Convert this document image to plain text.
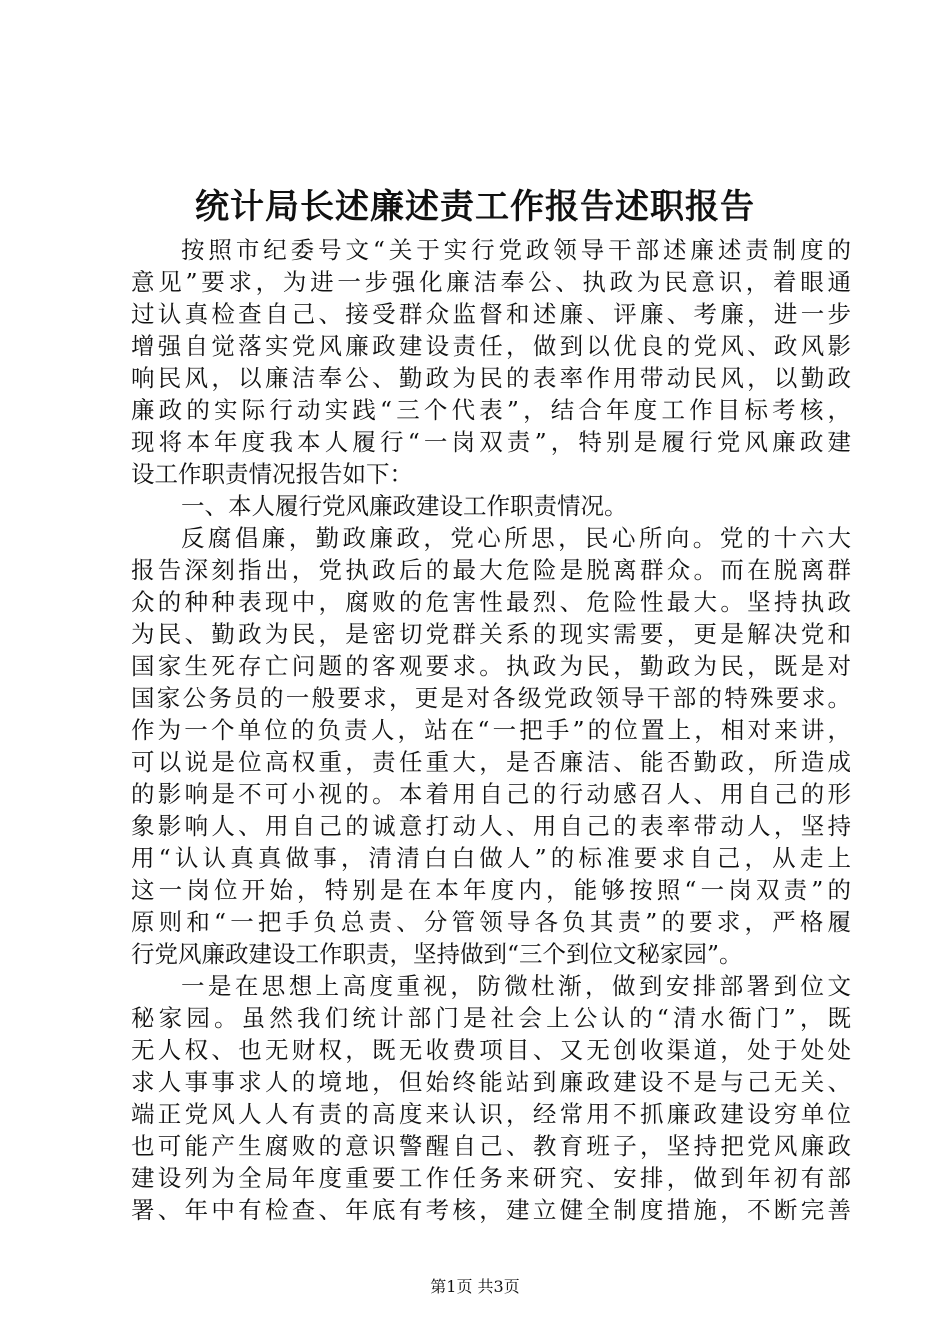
统计局长述廉述责工作报告述职报告
按照市纪委号文“关于实行党政领导干部述廉述责制度的
意见”要求，为进一步强化廉洁奉公、执政为民意识，着眼通
过认真检查自己、接受群众监督和述廉、评廉、考廉，进一步
增强自觉落实党风廉政建设责任，做到以优良的党风、政风影
响民风，以廉洁奉公、勤政为民的表率作用带动民风，以勤政
廉政的实际行动实践“三个代表”，结合年度工作目标考核，
现将本年度我本人履行“一岗双责”，特别是履行党风廉政建
设工作职责情况报告如下：
一、本人履行党风廉政建设工作职责情况。
反腐倡廉，勤政廉政，党心所思，民心所向。党的十六大
报告深刻指出，党执政后的最大危险是脱离群众。而在脱离群
众的种种表现中，腐败的危害性最烈、危险性最大。坚持执政
为民、勤政为民，是密切党群关系的现实需要，更是解决党和
国家生死存亡问题的客观要求。执政为民，勤政为民，既是对
国家公务员的一般要求，更是对各级党政领导干部的特殊要求。
作为一个单位的负责人，站在“一把手”的位置上，相对来讲，
可以说是位高权重，责任重大，是否廉洁、能否勤政，所造成
的影响是不可小视的。本着用自己的行动感召人、用自己的形
象影响人、用自己的诚意打动人、用自己的表率带动人，坚持
用“认认真真做事，清清白白做人”的标准要求自己，从走上
这一岗位开始，特别是在本年度内，能够按照“一岗双责”的
原则和“一把手负总责、分管领导各负其责”的要求，严格履
行党风廉政建设工作职责，坚持做到“三个到位文秘家园”。
一是在思想上高度重视，防微杜渐，做到安排部署到位文
秘家园。虽然我们统计部门是社会上公认的“清水衙门”，既
无人权、也无财权，既无收费项目、又无创收渠道，处于处处
求人事事求人的境地，但始终能站到廉政建设不是与己无关、
端正党风人人有责的高度来认识，经常用不抓廉政建设穷单位
也可能产生腐败的意识警醒自己、教育班子，坚持把党风廉政
建设列为全局年度重要工作任务来研究、安排，做到年初有部
署、年中有检查、年底有考核，建立健全制度措施，不断完善
第1页 共3页
